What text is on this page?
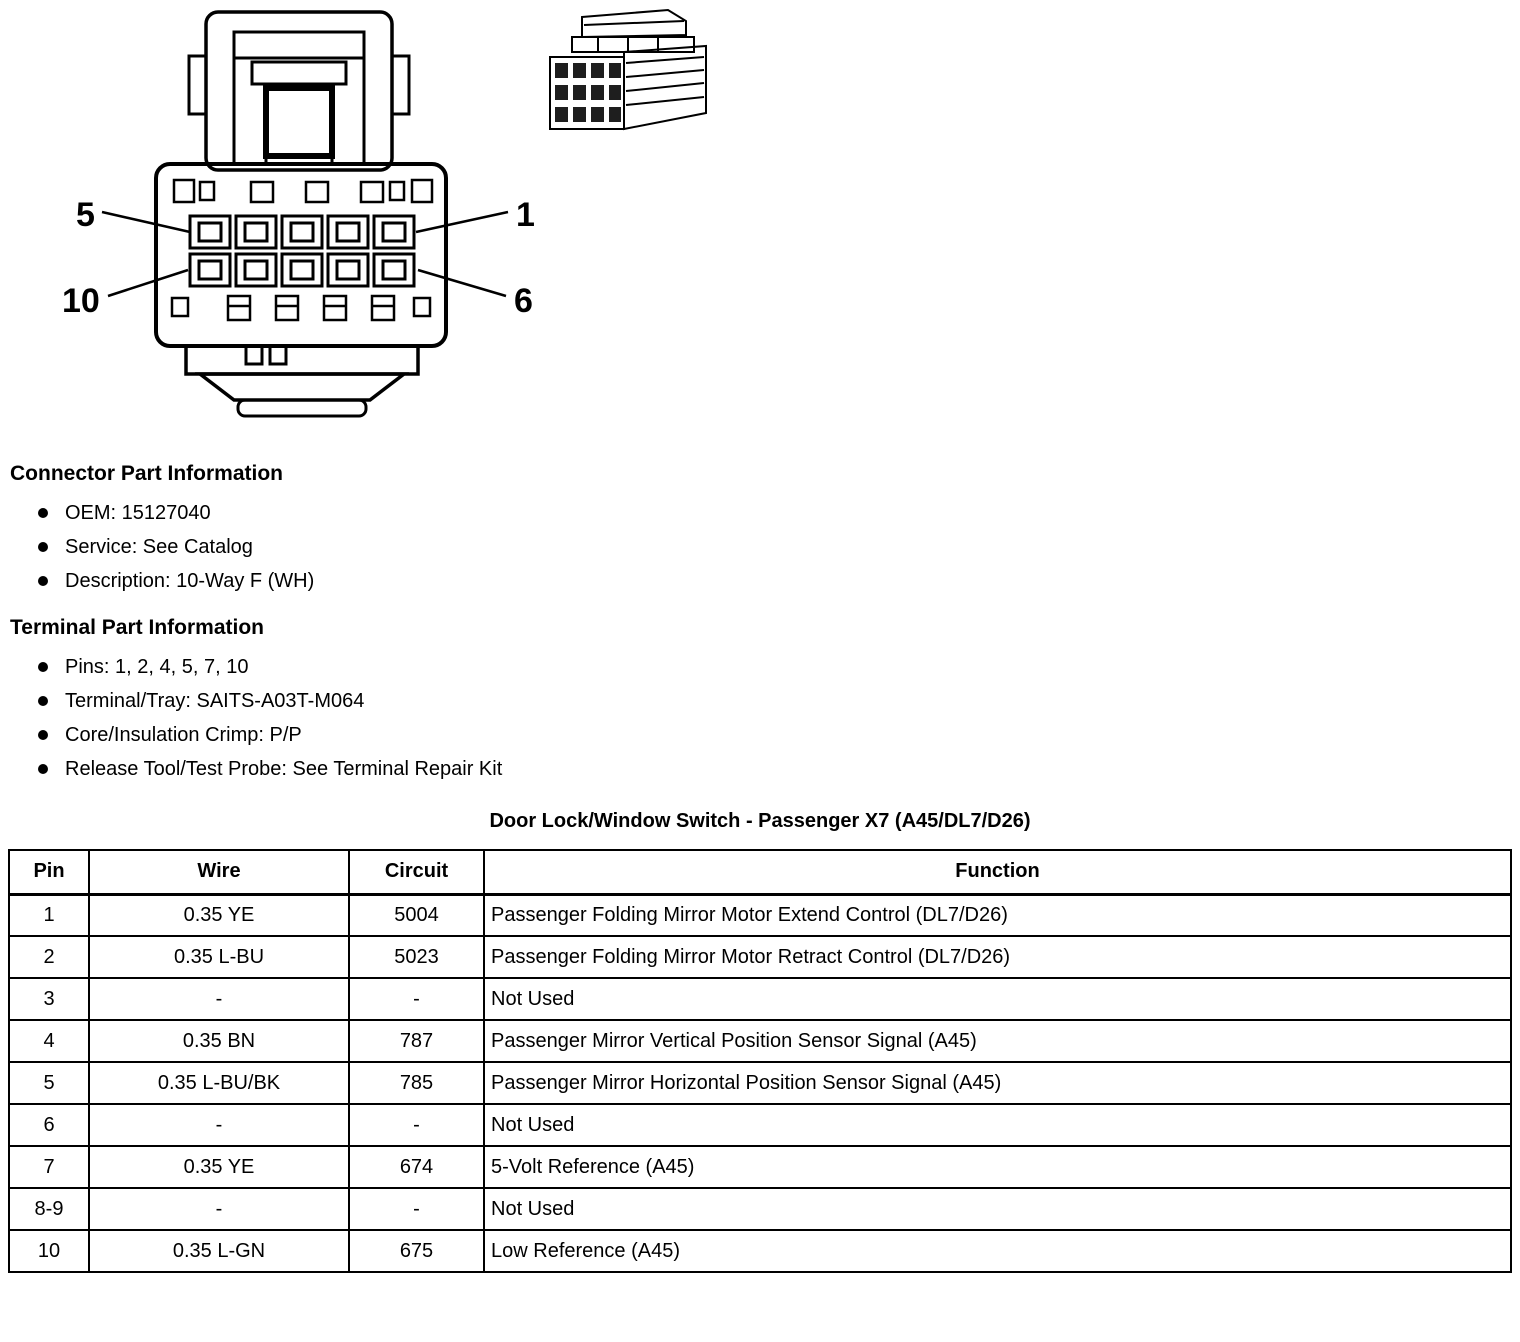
5
10
1
6
Connector Part Information
OEM: 15127040
Service: See Catalog
Description: 10-Way F (WH)
Terminal Part Information
Pins: 1, 2, 4, 5, 7, 10
Terminal/Tray: SAITS-A03T-M064
Core/Insulation Crimp: P/P
Release Tool/Test Probe: See Terminal Repair Kit
Door Lock/Window Switch - Passenger X7 (A45/DL7/D26)
Pin	Wire	Circuit	Function
1	0.35 YE	5004	Passenger Folding Mirror Motor Extend Control (DL7/D26)
2	0.35 L-BU	5023	Passenger Folding Mirror Motor Retract Control (DL7/D26)
3	-	-	Not Used
4	0.35 BN	787	Passenger Mirror Vertical Position Sensor Signal (A45)
5	0.35 L-BU/BK	785	Passenger Mirror Horizontal Position Sensor Signal (A45)
6	-	-	Not Used
7	0.35 YE	674	5-Volt Reference (A45)
8-9	-	-	Not Used
10	0.35 L-GN	675	Low Reference (A45)
